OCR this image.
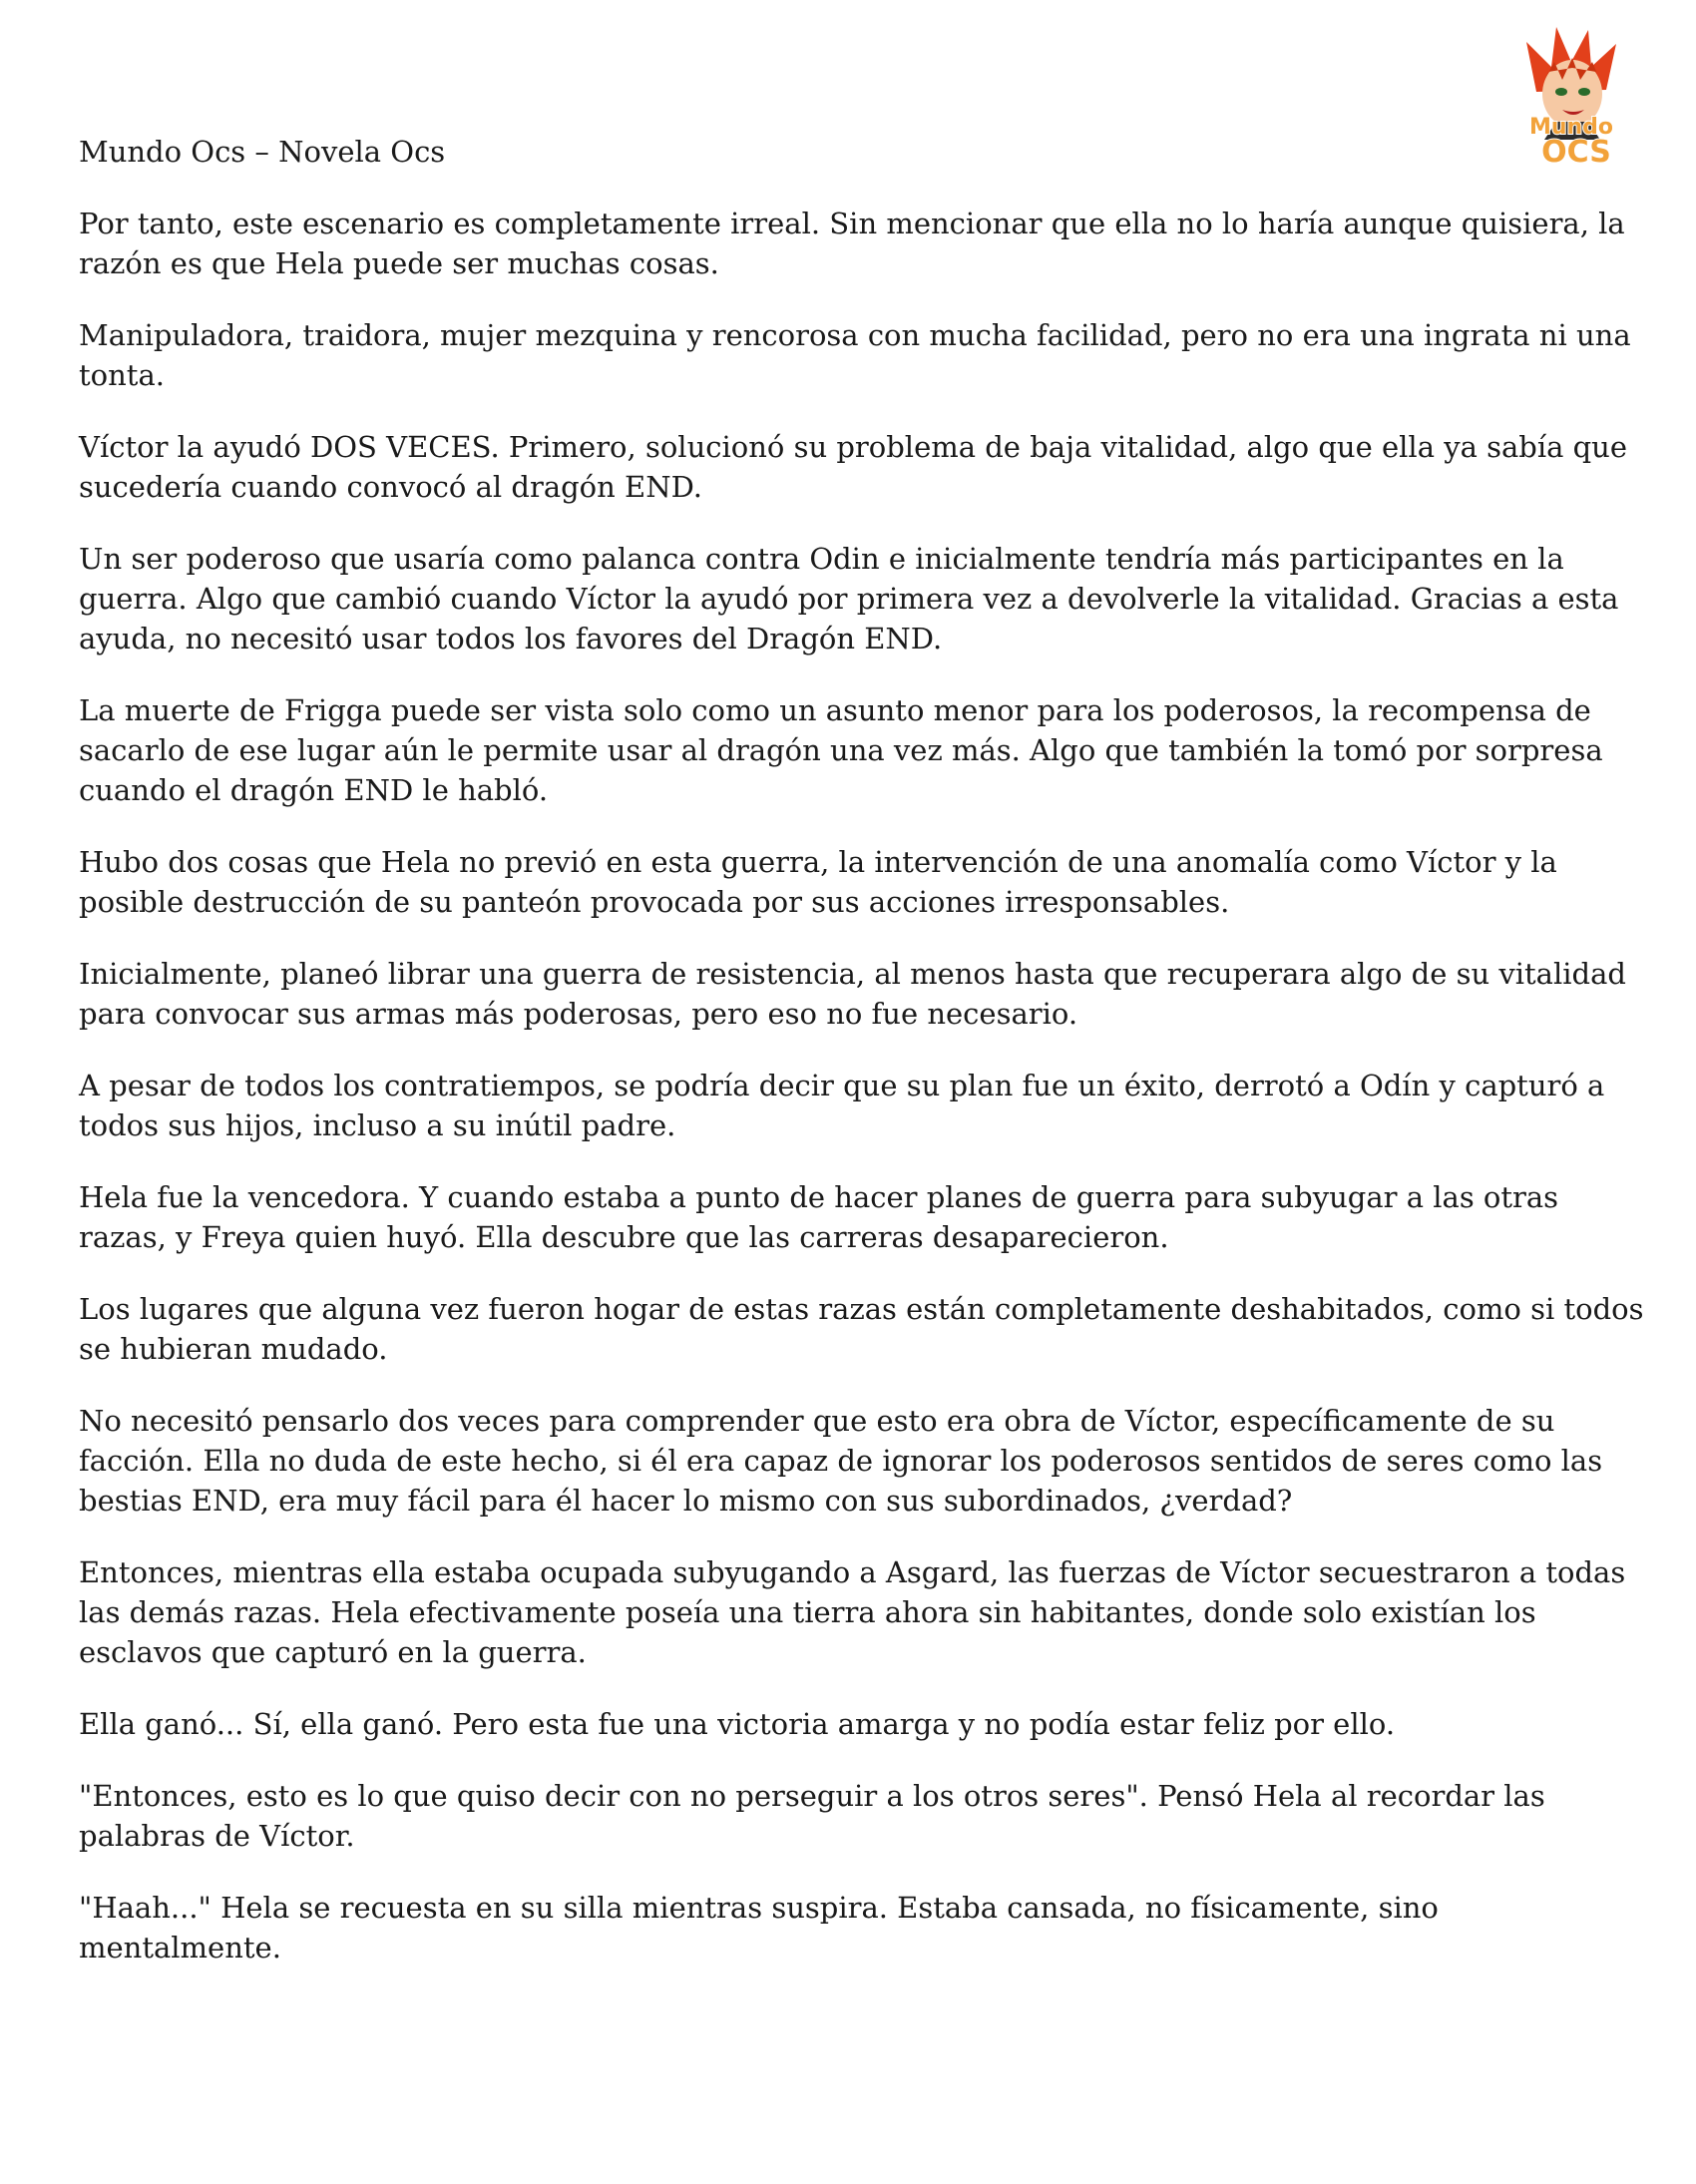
Mundo
OCS

Mundo Ocs – Novela Ocs

Por tanto, este escenario es completamente irreal. Sin mencionar que ella no lo haría aunque quisiera, la razón es que Hela puede ser muchas cosas.

Manipuladora, traidora, mujer mezquina y rencorosa con mucha facilidad, pero no era una ingrata ni una tonta.

Víctor la ayudó DOS VECES. Primero, solucionó su problema de baja vitalidad, algo que ella ya sabía que sucedería cuando convocó al dragón END.

Un ser poderoso que usaría como palanca contra Odin e inicialmente tendría más participantes en la guerra. Algo que cambió cuando Víctor la ayudó por primera vez a devolverle la vitalidad. Gracias a esta ayuda, no necesitó usar todos los favores del Dragón END.

La muerte de Frigga puede ser vista solo como un asunto menor para los poderosos, la recompensa de sacarlo de ese lugar aún le permite usar al dragón una vez más. Algo que también la tomó por sorpresa cuando el dragón END le habló.

Hubo dos cosas que Hela no previó en esta guerra, la intervención de una anomalía como Víctor y la posible destrucción de su panteón provocada por sus acciones irresponsables.

Inicialmente, planeó librar una guerra de resistencia, al menos hasta que recuperara algo de su vitalidad para convocar sus armas más poderosas, pero eso no fue necesario.

A pesar de todos los contratiempos, se podría decir que su plan fue un éxito, derrotó a Odín y capturó a todos sus hijos, incluso a su inútil padre.

Hela fue la vencedora. Y cuando estaba a punto de hacer planes de guerra para subyugar a las otras razas, y Freya quien huyó. Ella descubre que las carreras desaparecieron.

Los lugares que alguna vez fueron hogar de estas razas están completamente deshabitados, como si todos se hubieran mudado.

No necesitó pensarlo dos veces para comprender que esto era obra de Víctor, específicamente de su facción. Ella no duda de este hecho, si él era capaz de ignorar los poderosos sentidos de seres como las bestias END, era muy fácil para él hacer lo mismo con sus subordinados, ¿verdad?

Entonces, mientras ella estaba ocupada subyugando a Asgard, las fuerzas de Víctor secuestraron a todas las demás razas. Hela efectivamente poseía una tierra ahora sin habitantes, donde solo existían los esclavos que capturó en la guerra.

Ella ganó... Sí, ella ganó. Pero esta fue una victoria amarga y no podía estar feliz por ello.

"Entonces, esto es lo que quiso decir con no perseguir a los otros seres". Pensó Hela al recordar las palabras de Víctor.

"Haah..." Hela se recuesta en su silla mientras suspira. Estaba cansada, no físicamente, sino mentalmente.
